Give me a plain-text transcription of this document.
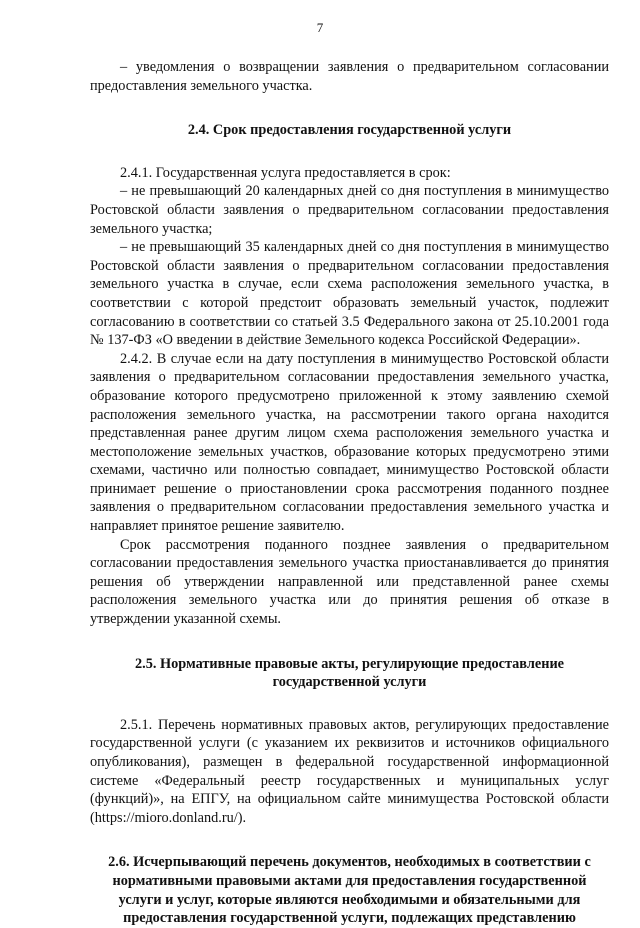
7

– уведомления о возвращении заявления о предварительном согласовании предоставления земельного участка.

2.4. Срок предоставления государственной услуги

2.4.1. Государственная услуга предоставляется в срок:

– не превышающий 20 календарных дней со дня поступления в минимущество Ростовской области заявления о предварительном согласовании предоставления земельного участка;

– не превышающий 35 календарных дней со дня поступления в минимущество Ростовской области заявления о предварительном согласовании предоставления земельного участка в случае, если схема расположения земельного участка, в соответствии с которой предстоит образовать земельный участок, подлежит согласованию в соответствии со статьей 3.5 Федерального закона от 25.10.2001 года № 137-ФЗ «О введении в действие Земельного кодекса Российской Федерации».

2.4.2. В случае если на дату поступления в минимущество Ростовской области заявления о предварительном согласовании предоставления земельного участка, образование которого предусмотрено приложенной к этому заявлению схемой расположения земельного участка, на рассмотрении такого органа находится представленная ранее другим лицом схема расположения земельного участка и местоположение земельных участков, образование которых предусмотрено этими схемами, частично или полностью совпадает, минимущество Ростовской области принимает решение о приостановлении срока рассмотрения поданного позднее заявления о предварительном согласовании предоставления земельного участка и направляет принятое решение заявителю.

Срок рассмотрения поданного позднее заявления о предварительном согласовании предоставления земельного участка приостанавливается до принятия решения об утверждении направленной или представленной ранее схемы расположения земельного участка или до принятия решения об отказе в утверждении указанной схемы.

2.5. Нормативные правовые акты, регулирующие предоставление
государственной услуги

2.5.1. Перечень нормативных правовых актов, регулирующих предоставление государственной услуги (с указанием их реквизитов и источников официального опубликования), размещен в федеральной государственной информационной системе «Федеральный реестр государственных и муниципальных услуг (функций)», на ЕПГУ, на официальном сайте минимущества Ростовской области (https://mioro.donland.ru/).

2.6. Исчерпывающий перечень документов, необходимых в соответствии с
нормативными правовыми актами для предоставления государственной
услуги и услуг, которые являются необходимыми и обязательными для
предоставления государственной услуги, подлежащих представлению
